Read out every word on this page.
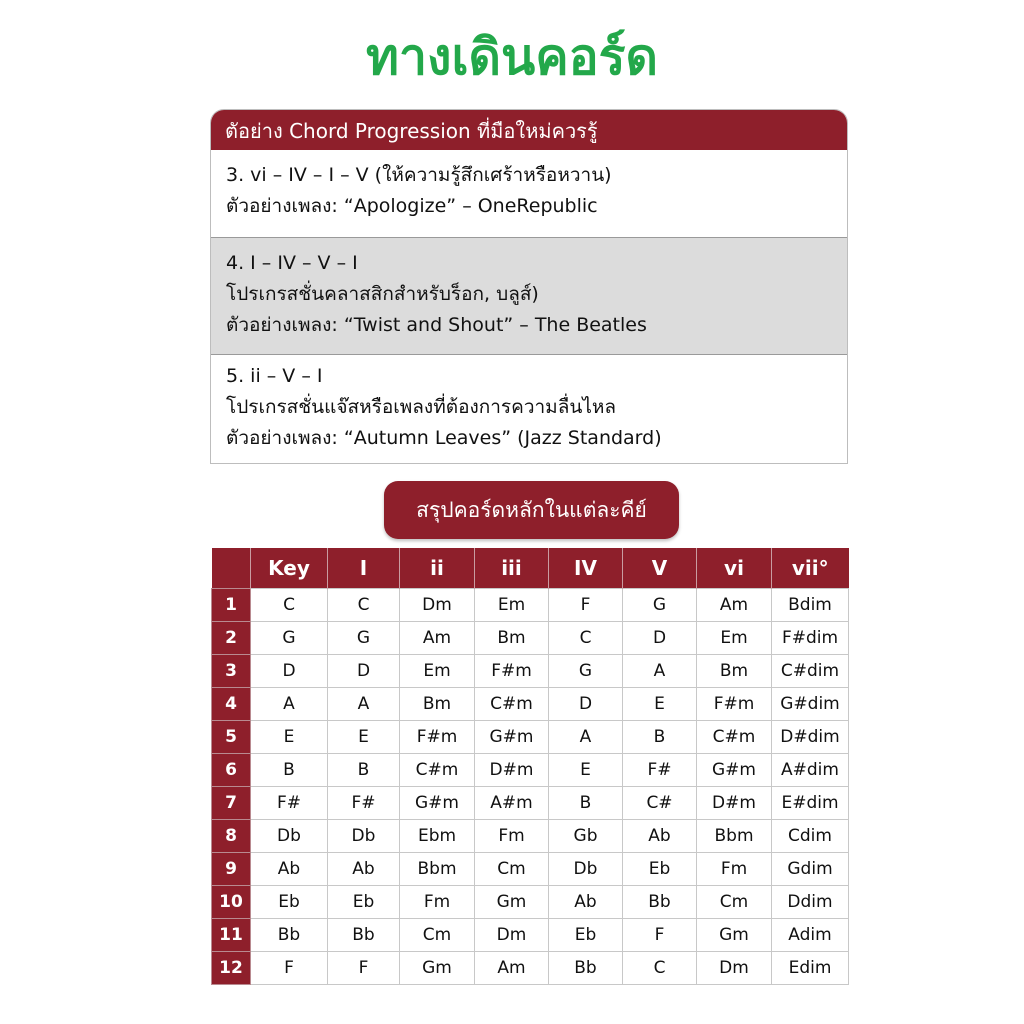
ทางเดินคอร์ด
ตัอย่าง Chord Progression ที่มือใหม่ควรรู้
3. vi – IV – I – V (ให้ความรู้สึกเศร้าหรือหวาน)
ตัวอย่างเพลง: “Apologize” – OneRepublic
4. I – IV – V – I
โปรเกรสชั่นคลาสสิกสำหรับร็อก, บลูส์)
ตัวอย่างเพลง: “Twist and Shout” – The Beatles
5. ii – V – I
โปรเกรสชั่นแจ๊สหรือเพลงที่ต้องการความลื่นไหล
ตัวอย่างเพลง: “Autumn Leaves” (Jazz Standard)
สรุปคอร์ดหลักในแต่ละคีย์
	Key	I	ii	iii	IV	V	vi	vii°
1	C	C	Dm	Em	F	G	Am	Bdim
2	G	G	Am	Bm	C	D	Em	F#dim
3	D	D	Em	F#m	G	A	Bm	C#dim
4	A	A	Bm	C#m	D	E	F#m	G#dim
5	E	E	F#m	G#m	A	B	C#m	D#dim
6	B	B	C#m	D#m	E	F#	G#m	A#dim
7	F#	F#	G#m	A#m	B	C#	D#m	E#dim
8	Db	Db	Ebm	Fm	Gb	Ab	Bbm	Cdim
9	Ab	Ab	Bbm	Cm	Db	Eb	Fm	Gdim
10	Eb	Eb	Fm	Gm	Ab	Bb	Cm	Ddim
11	Bb	Bb	Cm	Dm	Eb	F	Gm	Adim
12	F	F	Gm	Am	Bb	C	Dm	Edim
